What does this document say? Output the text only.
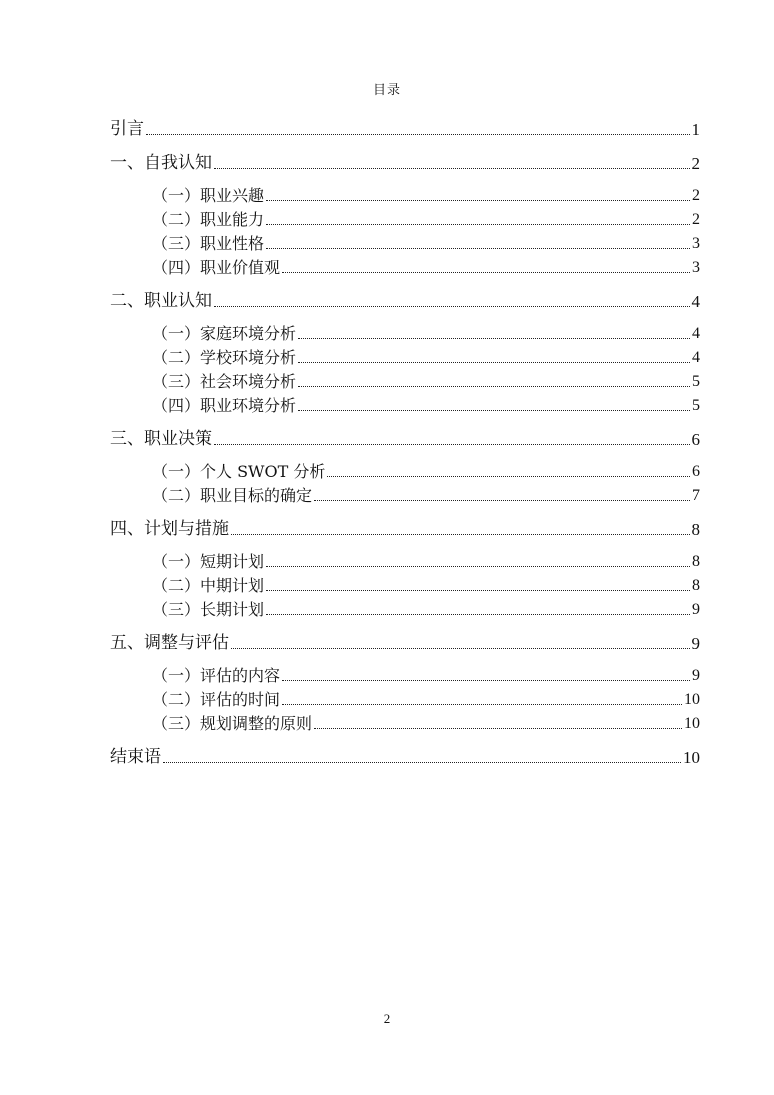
目录
引言	1
一、自我认知	2
（一）职业兴趣	2
（二）职业能力	2
（三）职业性格	3
（四）职业价值观	3
二、职业认知	4
（一）家庭环境分析	4
（二）学校环境分析	4
（三）社会环境分析	5
（四）职业环境分析	5
三、职业决策	6
（一）个人 SWOT 分析	6
（二）职业目标的确定	7
四、计划与措施	8
（一）短期计划	8
（二）中期计划	8
（三）长期计划	9
五、调整与评估	9
（一）评估的内容	9
（二）评估的时间	10
（三）规划调整的原则	10
结束语	10
2
